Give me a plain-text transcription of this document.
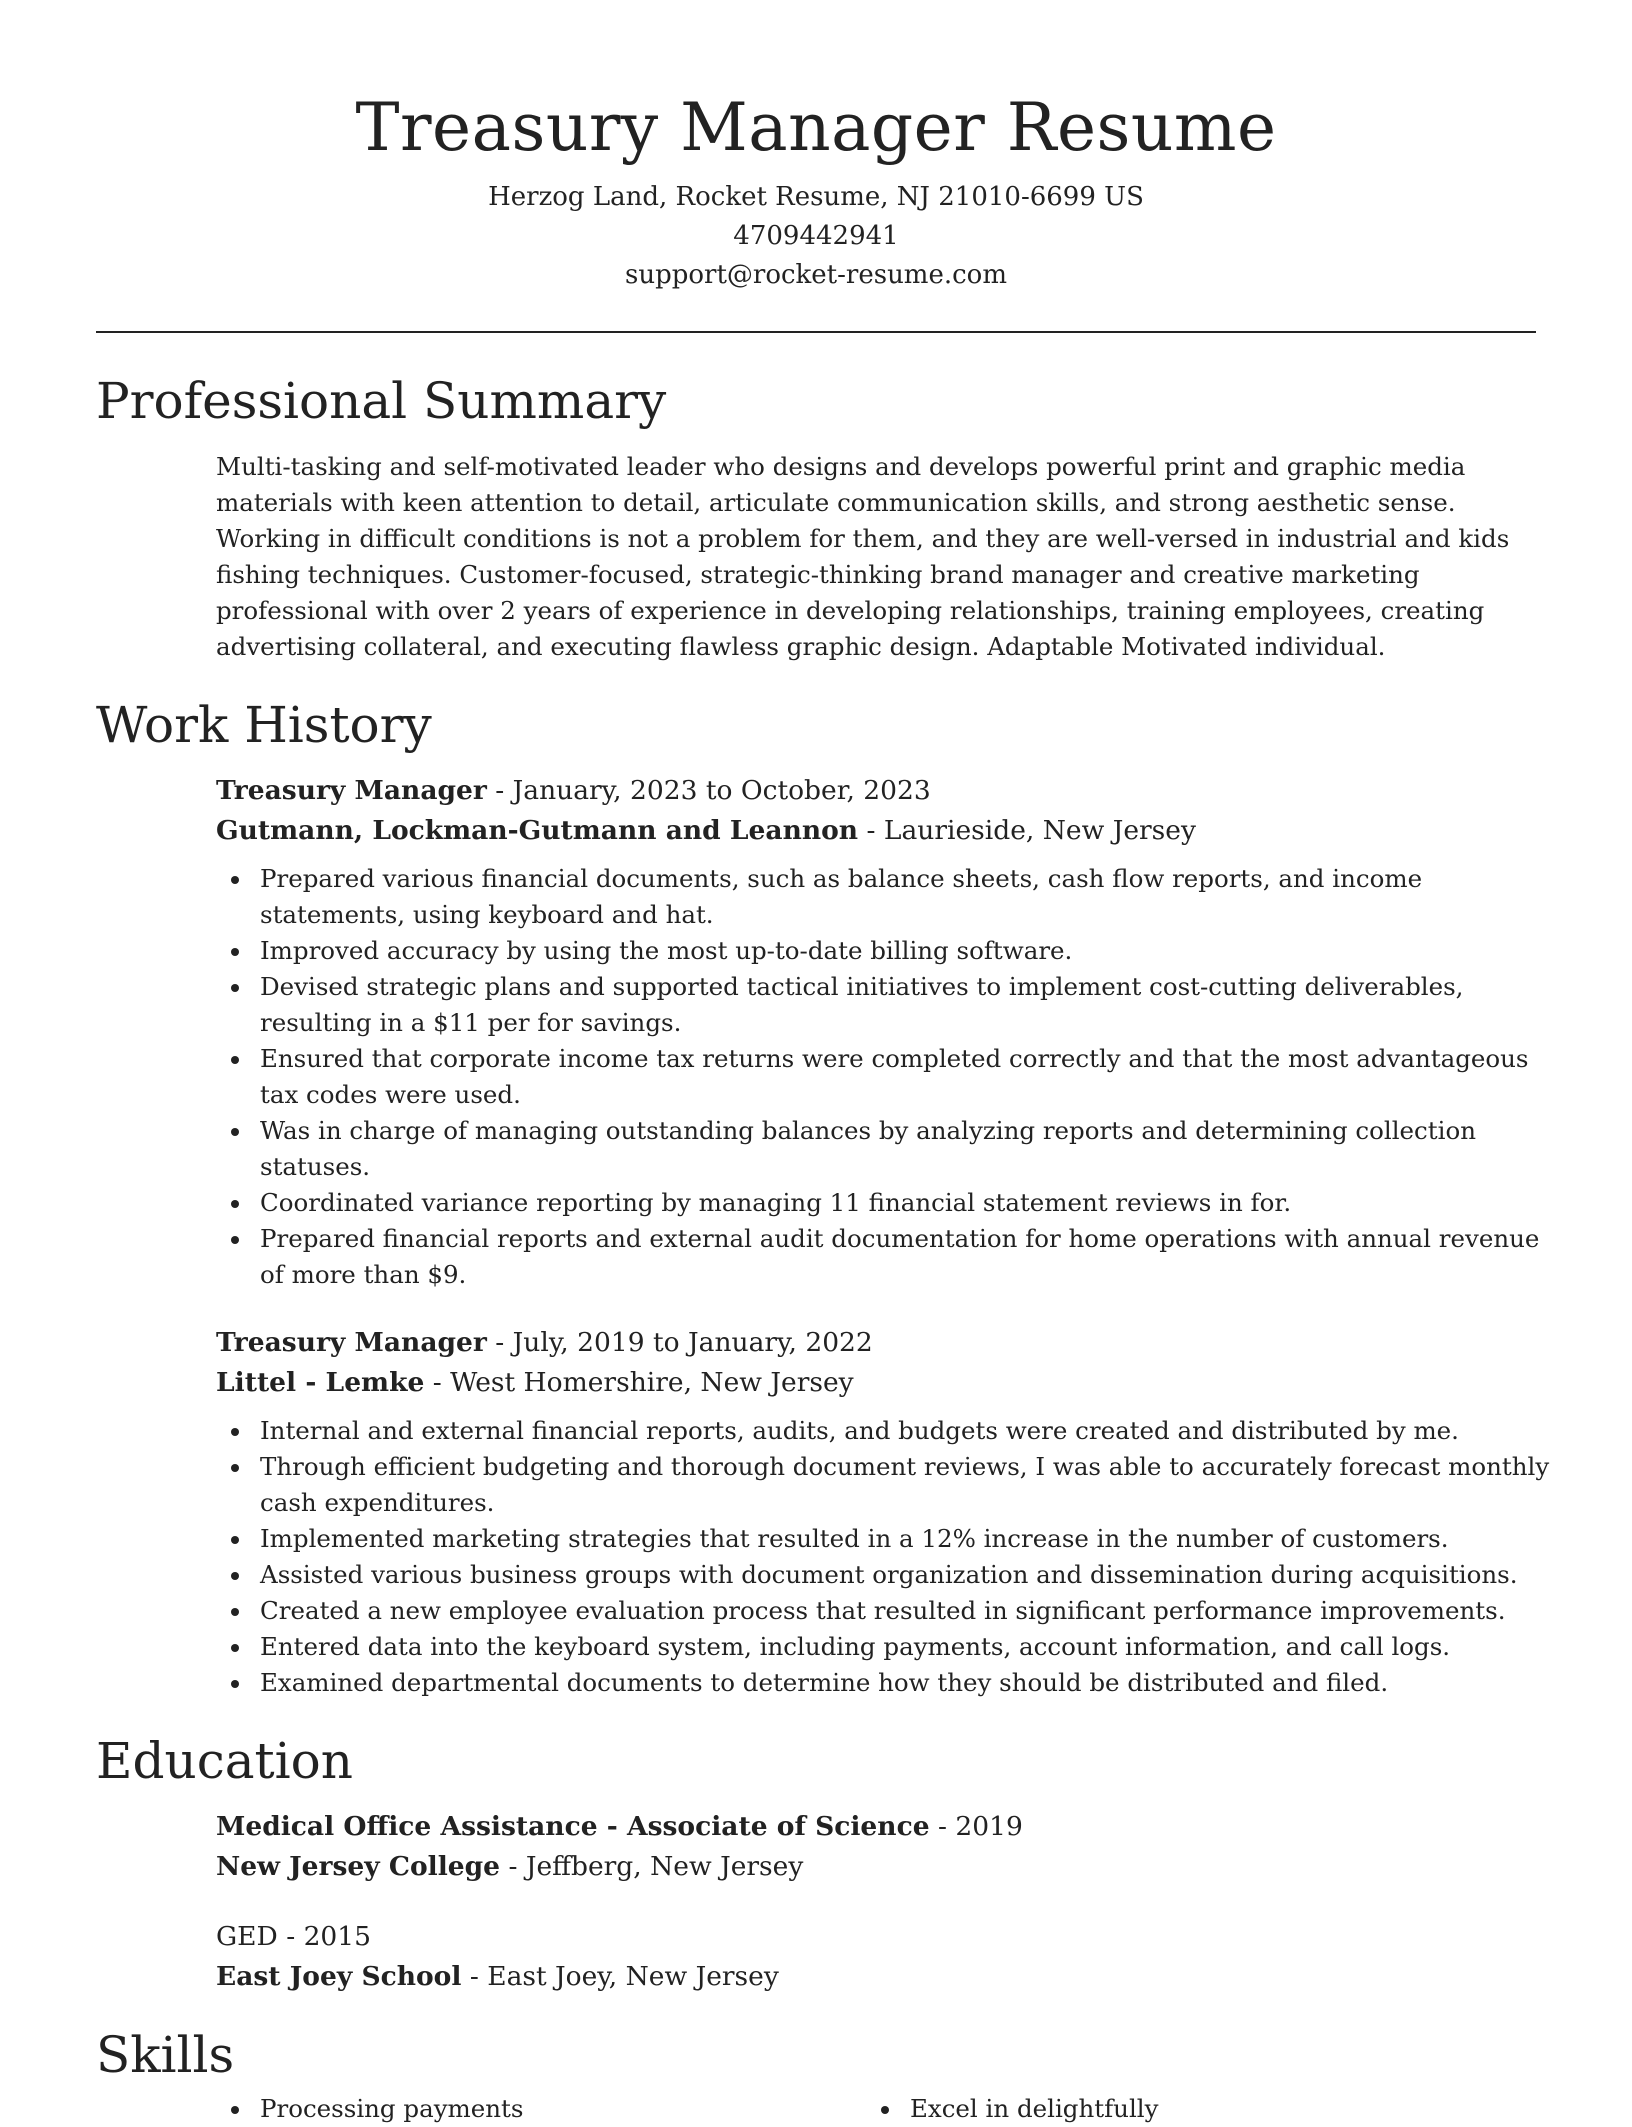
Treasury Manager Resume
Herzog Land, Rocket Resume, NJ 21010-6699 US
4709442941
support@rocket-resume.com
Professional Summary
Multi-tasking and self-motivated leader who designs and develops powerful print and graphic media materials with keen attention to detail, articulate communication skills, and strong aesthetic sense. Working in difficult conditions is not a problem for them, and they are well-versed in industrial and kids fishing techniques. Customer-focused, strategic-thinking brand manager and creative marketing professional with over 2 years of experience in developing relationships, training employees, creating advertising collateral, and executing flawless graphic design. Adaptable Motivated individual.
Work History
Treasury Manager - January, 2023 to October, 2023
Gutmann, Lockman-Gutmann and Leannon - Laurieside, New Jersey
Prepared various financial documents, such as balance sheets, cash flow reports, and income statements, using keyboard and hat.
Improved accuracy by using the most up-to-date billing software.
Devised strategic plans and supported tactical initiatives to implement cost-cutting deliverables, resulting in a $11 per for savings.
Ensured that corporate income tax returns were completed correctly and that the most advantageous tax codes were used.
Was in charge of managing outstanding balances by analyzing reports and determining collection statuses.
Coordinated variance reporting by managing 11 financial statement reviews in for.
Prepared financial reports and external audit documentation for home operations with annual revenue of more than $9.
Treasury Manager - July, 2019 to January, 2022
Littel - Lemke - West Homershire, New Jersey
Internal and external financial reports, audits, and budgets were created and distributed by me.
Through efficient budgeting and thorough document reviews, I was able to accurately forecast monthly cash expenditures.
Implemented marketing strategies that resulted in a 12% increase in the number of customers.
Assisted various business groups with document organization and dissemination during acquisitions.
Created a new employee evaluation process that resulted in significant performance improvements.
Entered data into the keyboard system, including payments, account information, and call logs.
Examined departmental documents to determine how they should be distributed and filed.
Education
Medical Office Assistance - Associate of Science - 2019
New Jersey College - Jeffberg, New Jersey
GED - 2015
East Joey School - East Joey, New Jersey
Skills
Processing payments	Excel in delightfully
